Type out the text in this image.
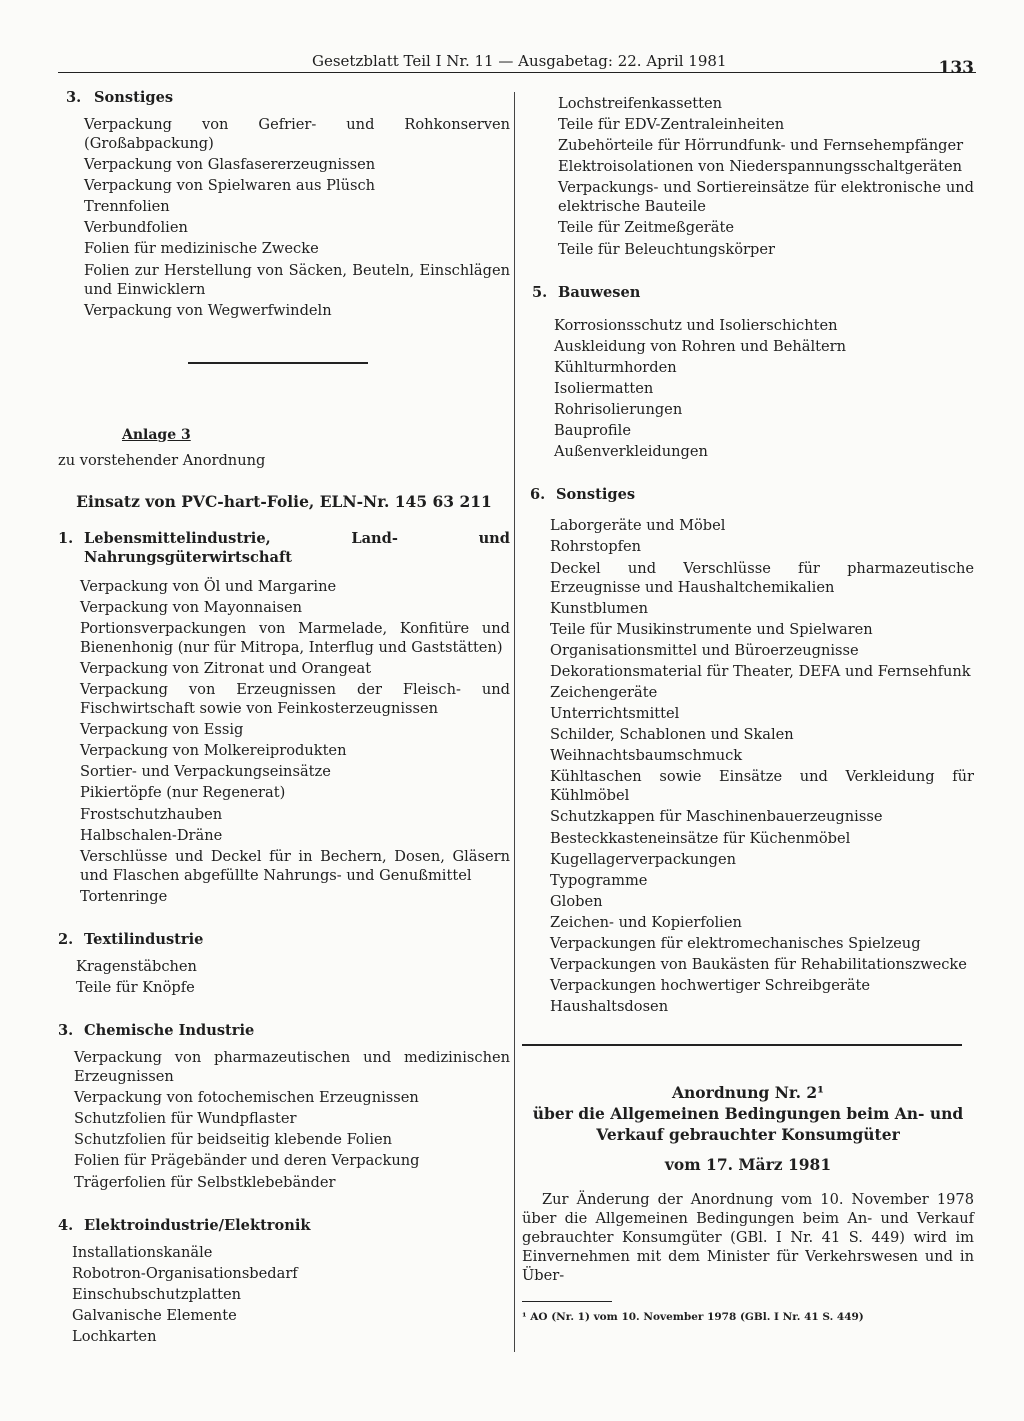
Gesetzblatt Teil I Nr. 11 — Ausgabetag: 22. April 1981	133
3. Sonstiges
Verpackung von Gefrier- und Rohkonserven (Großabpackung)
Verpackung von Glasfasererzeugnissen
Verpackung von Spielwaren aus Plüsch
Trennfolien
Verbundfolien
Folien für medizinische Zwecke
Folien zur Herstellung von Säcken, Beuteln, Einschlägen und Einwicklern
Verpackung von Wegwerfwindeln
Anlage 3
zu vorstehender Anordnung
Einsatz von PVC-hart-Folie, ELN-Nr. 145 63 211
1. Lebensmittelindustrie, Land- und Nahrungsgüterwirtschaft
Verpackung von Öl und Margarine
Verpackung von Mayonnaisen
Portionsverpackungen von Marmelade, Konfitüre und Bienenhonig (nur für Mitropa, Interflug und Gaststätten)
Verpackung von Zitronat und Orangeat
Verpackung von Erzeugnissen der Fleisch- und Fischwirtschaft sowie von Feinkosterzeugnissen
Verpackung von Essig
Verpackung von Molkereiprodukten
Sortier- und Verpackungseinsätze
Pikiertöpfe (nur Regenerat)
Frostschutzhauben
Halbschalen-Dräne
Verschlüsse und Deckel für in Bechern, Dosen, Gläsern und Flaschen abgefüllte Nahrungs- und Genußmittel
Tortenringe
2. Textilindustrie
Kragenstäbchen
Teile für Knöpfe
3. Chemische Industrie
Verpackung von pharmazeutischen und medizinischen Erzeugnissen
Verpackung von fotochemischen Erzeugnissen
Schutzfolien für Wundpflaster
Schutzfolien für beidseitig klebende Folien
Folien für Prägebänder und deren Verpackung
Trägerfolien für Selbstklebebänder
4. Elektroindustrie/Elektronik
Installationskanäle
Robotron-Organisationsbedarf
Einschubschutzplatten
Galvanische Elemente
Lochkarten
Lochstreifenkassetten
Teile für EDV-Zentraleinheiten
Zubehörteile für Hörrundfunk- und Fernsehempfänger
Elektroisolationen von Niederspannungsschaltgeräten
Verpackungs- und Sortiereinsätze für elektronische und elektrische Bauteile
Teile für Zeitmeßgeräte
Teile für Beleuchtungskörper
5. Bauwesen
Korrosionsschutz und Isolierschichten
Auskleidung von Rohren und Behältern
Kühlturmhorden
Isoliermatten
Rohrisolierungen
Bauprofile
Außenverkleidungen
6. Sonstiges
Laborgeräte und Möbel
Rohrstopfen
Deckel und Verschlüsse für pharmazeutische Erzeugnisse und Haushaltchemikalien
Kunstblumen
Teile für Musikinstrumente und Spielwaren
Organisationsmittel und Büroerzeugnisse
Dekorationsmaterial für Theater, DEFA und Fernsehfunk
Zeichengeräte
Unterrichtsmittel
Schilder, Schablonen und Skalen
Weihnachtsbaumschmuck
Kühltaschen sowie Einsätze und Verkleidung für Kühlmöbel
Schutzkappen für Maschinenbauerzeugnisse
Besteckkasteneinsätze für Küchenmöbel
Kugellagerverpackungen
Typogramme
Globen
Zeichen- und Kopierfolien
Verpackungen für elektromechanisches Spielzeug
Verpackungen von Baukästen für Rehabilitationszwecke
Verpackungen hochwertiger Schreibgeräte
Haushaltsdosen
Anordnung Nr. 2¹
über die Allgemeinen Bedingungen beim An- und
Verkauf gebrauchter Konsumgüter
vom 17. März 1981

Zur Änderung der Anordnung vom 10. November 1978 über die Allgemeinen Bedingungen beim An- und Verkauf gebrauchter Konsumgüter (GBl. I Nr. 41 S. 449) wird im Einvernehmen mit dem Minister für Verkehrswesen und in Über-

¹ AO (Nr. 1) vom 10. November 1978 (GBl. I Nr. 41 S. 449)
